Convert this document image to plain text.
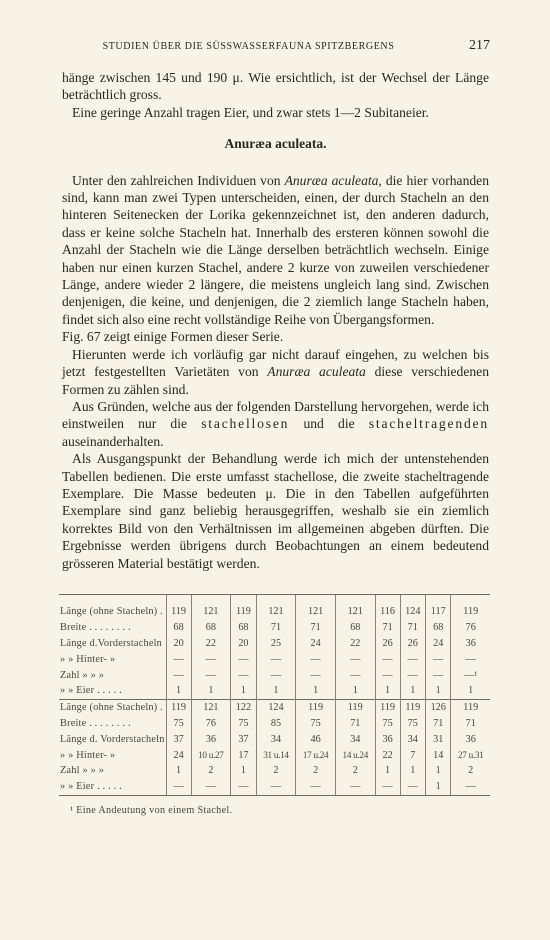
STUDIEN ÜBER DIE SÜSSWASSERFAUNA SPITZBERGENS	217

hänge zwischen 145 und 190 μ. Wie ersichtlich, ist der Wechsel der Länge beträchtlich gross.

Eine geringe Anzahl tragen Eier, und zwar stets 1—2 Subitaneier.

Anuræa aculeata.

Unter den zahlreichen Individuen von Anuræa aculeata, die hier vorhanden sind, kann man zwei Typen unterscheiden, einen, der durch Stacheln an den hinteren Seitenecken der Lorika gekennzeichnet ist, den anderen dadurch, dass er keine solche Stacheln hat. Innerhalb des ersteren können sowohl die Anzahl der Stacheln wie die Länge derselben beträchtlich wechseln. Einige haben nur einen kurzen Stachel, andere 2 kurze von zuweilen verschiedener Länge, andere wieder 2 längere, die meistens ungleich lang sind. Zwischen denjenigen, die keine, und denjenigen, die 2 ziemlich lange Stacheln haben, findet sich also eine recht vollständige Reihe von Übergangsformen.

Fig. 67 zeigt einige Formen dieser Serie.

Hierunten werde ich vorläufig gar nicht darauf eingehen, zu welchen bis jetzt festgestellten Varietäten von Anuræa aculeata diese verschiedenen Formen zu zählen sind.

Aus Gründen, welche aus der folgenden Darstellung hervorgehen, werde ich einstweilen nur die stachellosen und die stacheltragenden auseinanderhalten.

Als Ausgangspunkt der Behandlung werde ich mich der untenstehenden Tabellen bedienen. Die erste umfasst stachellose, die zweite stacheltragende Exemplare. Die Masse bedeuten μ. Die in den Tabellen aufgeführten Exemplare sind ganz beliebig herausgegriffen, weshalb sie ein ziemlich korrektes Bild von den Verhältnissen im allgemeinen abgeben dürften. Die Ergebnisse werden übrigens durch Beobachtungen an einem bedeutend grösseren Material bestätigt werden.

Länge (ohne Stacheln) .	119	121	119	121	121	121	116	124	117	119
Breite . . . . . . . .	68	68	68	71	71	68	71	71	68	76
Länge d.Vorderstacheln	20	22	20	25	24	22	26	26	24	36
» » Hinter- »	—	—	—	—	—	—	—	—	—	—
Zahl » » »	—	—	—	—	—	—	—	—	—	—¹
» » Eier . . . . .	1	1	1	1	1	1	1	1	1	1
Länge (ohne Stacheln) .	119	121	122	124	119	119	119	119	126	119
Breite . . . . . . . .	75	76	75	85	75	71	75	75	71	71
Länge d. Vorderstacheln	37	36	37	34	46	34	36	34	31	36
» » Hinter- »	24	10 u.27	17	31 u.14	17 u.24	14 u.24	22	7	14	27 u.31
Zahl » » »	1	2	1	2	2	2	1	1	1	2
» » Eier . . . . .	—	—	—	—	—	—	—	—	1	—
¹ Eine Andeutung von einem Stachel.
